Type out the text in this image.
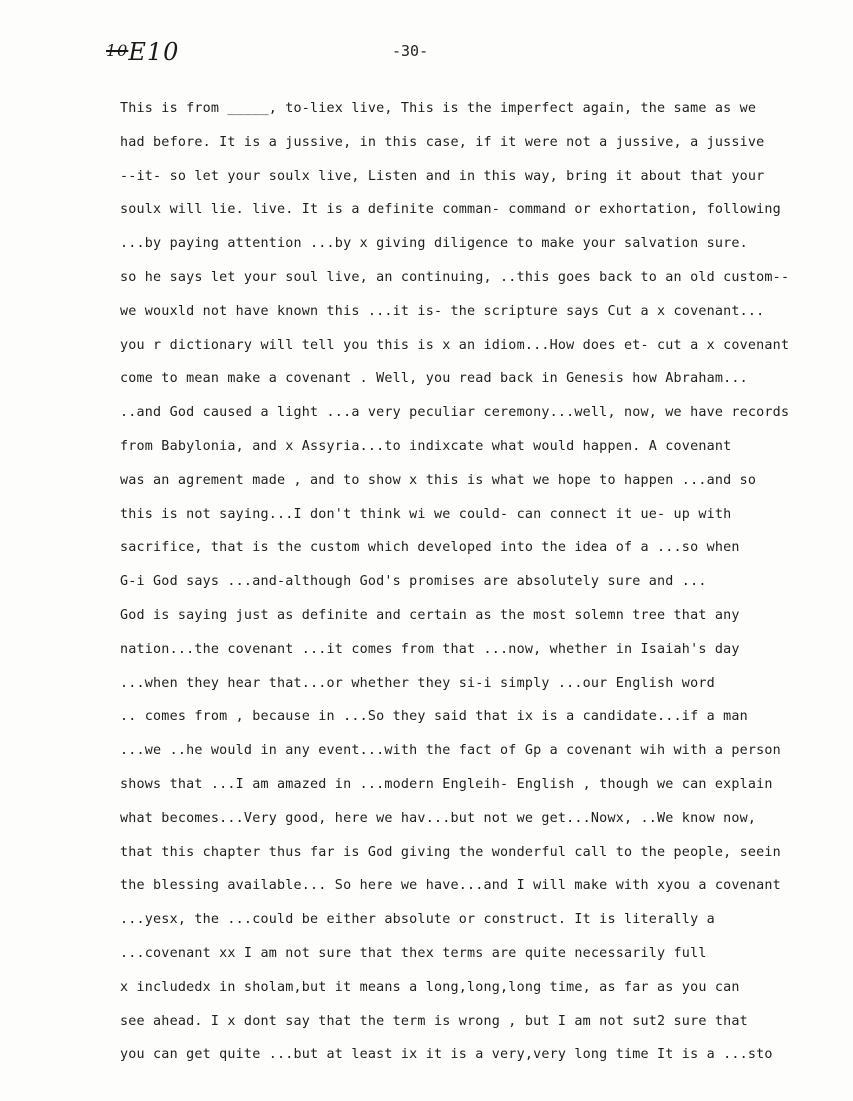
10E10	-30-
This is from _____, to-liex live, This is the imperfect again, the same as we
had before. It is a jussive, in this case, if it were not a jussive, a jussive
--it- so let your soulx live, Listen and in this way, bring it about that your
soulx will lie. live. It is a definite comman- command or exhortation, following
...by paying attention ...by x giving diligence to make your salvation sure.
so he says let your soul live, an continuing, ..this goes back to an old custom--
we wouxld not have known this ...it is- the scripture says Cut a x covenant...
you r dictionary will tell you this is x an idiom...How does et- cut a x covenant
come to mean make a covenant . Well, you read back in Genesis how Abraham...
..and God caused a light ...a very peculiar ceremony...well, now, we have records
from Babylonia, and x Assyria...to indixcate what would happen. A covenant
was an agrement made , and to show x this is what we hope to happen ...and so
this is not saying...I don't think wi we could- can connect it ue- up with
sacrifice, that is the custom which developed into the idea of a ...so when
G-i God says ...and-although God's promises are absolutely sure and ...
God is saying just as definite and certain as the most solemn tree that any
nation...the covenant ...it comes from that ...now, whether in Isaiah's day
...when they hear that...or whether they si-i simply ...our English word
.. comes from , because in ...So they said that ix is a candidate...if a man
...we ..he would in any event...with the fact of Gp a covenant wih with a person
shows that ...I am amazed in ...modern Engleih- English , though we can explain
what becomes...Very good, here we hav...but not we get...Nowx, ..We know now,
that this chapter thus far is God giving the wonderful call to the people, seein
the blessing available... So here we have...and I will make with xyou a covenant
...yesx, the ...could be either absolute or construct. It is literally a
...covenant xx I am not sure that thex terms are quite necessarily full
x includedx in sholam,but it means a long,long,long time, as far as you can
see ahead. I x dont say that the term is wrong , but I am not sut2 sure that
you can get quite ...but at least ix it is a very,very long time It is a ...sto
